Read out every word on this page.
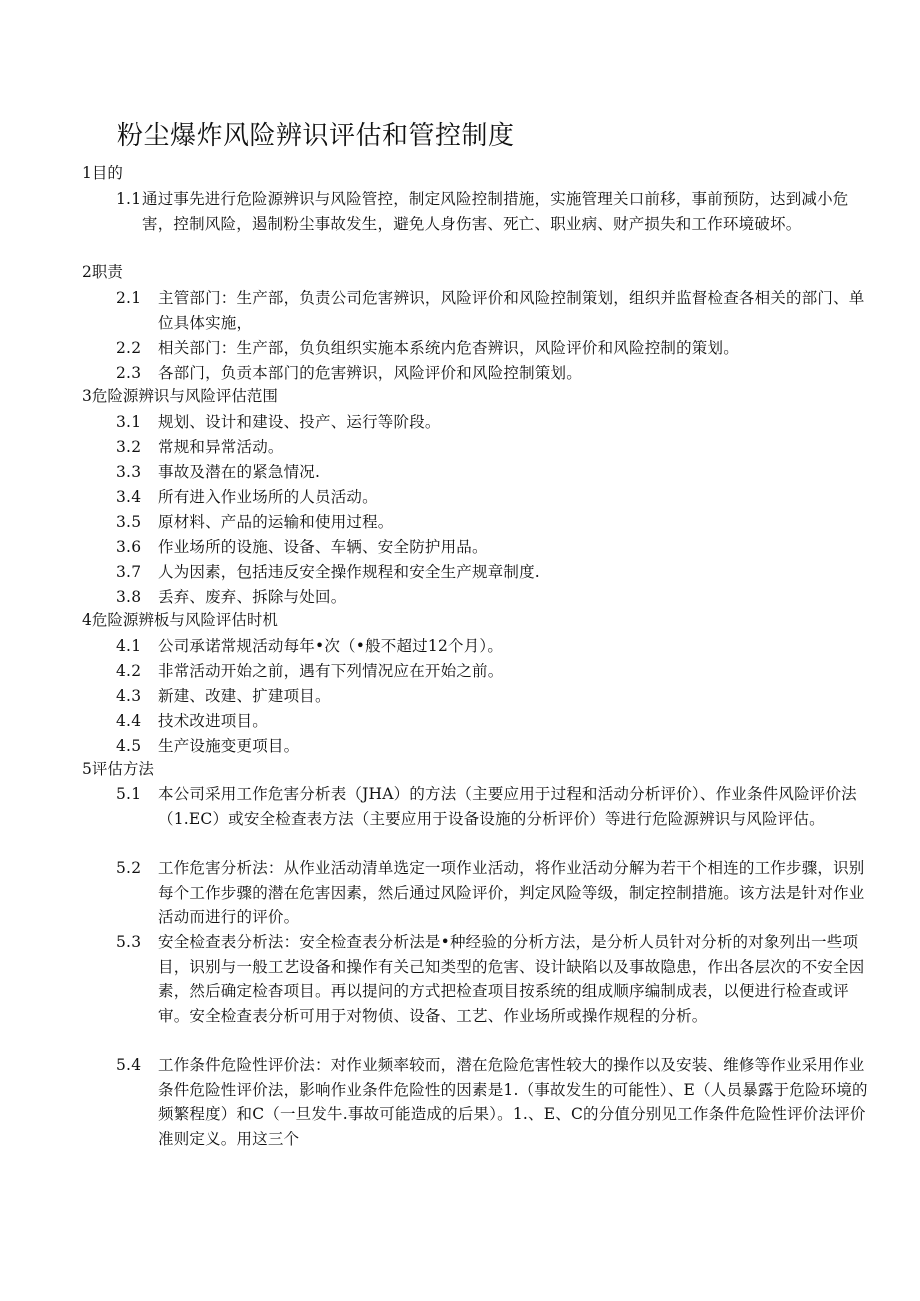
粉尘爆炸风险辨识评估和管控制度
1目的
1.1 通过事先进行危险源辨识与风险管控，制定风险控制措施，实施管理关口前移，事前预防，达到减小危害，控制风险，遏制粉尘事故发生，避免人身伤害、死亡、职业病、财产损失和工作环境破坏。
2职责
2.1	主管部门：生产部，负责公司危害辨识，风险评价和风险控制策划，组织并监督检查各相关的部门、单位具体实施，
2.2	相关部门：生产部，负负组织实施本系统内危杳辨识，风险评价和风险控制的策划。
2.3	各部门，负贡本部门的危害辨识，风险评价和风险控制策划。
3危险源辨识与风险评估范围
3.1	规划、设计和建设、投产、运行等阶段。
3.2	常规和异常活动。
3.3	事故及潜在的紧急情况.
3.4	所有进入作业场所的人员活动。
3.5	原材料、产品的运输和使用过程。
3.6	作业场所的设施、设备、车辆、安全防护用品。
3.7	人为因素，包括违反安全操作规程和安全生产规章制度.
3.8	丢弃、废弃、拆除与处回。
4危险源辨板与风险评估时机
4.1	公司承诺常规活动每年•次（•般不超过12个月）。
4.2	非常活动开始之前，遇有下列情况应在开始之前。
4.3	新建、改建、扩建项目。
4.4	技术改进项目。
4.5	生产设施变更项目。
5评估方法
5.1	本公司采用工作危害分析表（JHA）的方法（主要应用于过程和活动分析评价）、作业条件风险评价法（1.EC）或安全检查表方法（主要应用于设备设施的分析评价）等进行危险源辨识与风险评估。
5.2	工作危害分析法：从作业活动清单选定一项作业活动，将作业活动分解为若干个相连的工作步骤，识别每个工作步骤的潜在危害因素，然后通过风险评价，判定风险等级，制定控制措施。该方法是针对作业活动而进行的评价。
5.3	安全检查表分析法：安全检查表分析法是•种经验的分析方法，是分析人员针对分析的对象列出一些项目，识别与一般工艺设备和操作有关己知类型的危害、设计缺陷以及事故隐患，作出各层次的不安全因素，然后确定检杳项目。再以提问的方式把检查项目按系统的组成顺序编制成表，以便进行检查或评审。安全检查表分析可用于对物侦、设备、工艺、作业场所或操作规程的分析。
5.4	工作条件危险性评价法：对作业频率较而，潜在危险危害性较大的操作以及安装、维修等作业采用作业条件危险性评价法，影响作业条件危险性的因素是1.（事故发生的可能性）、E（人员暴露于危险环境的频繁程度）和C（一旦发牛.事故可能造成的后果）。1.、E、C的分值分别见工作条件危险性评价法评价准则定义。用这三个
